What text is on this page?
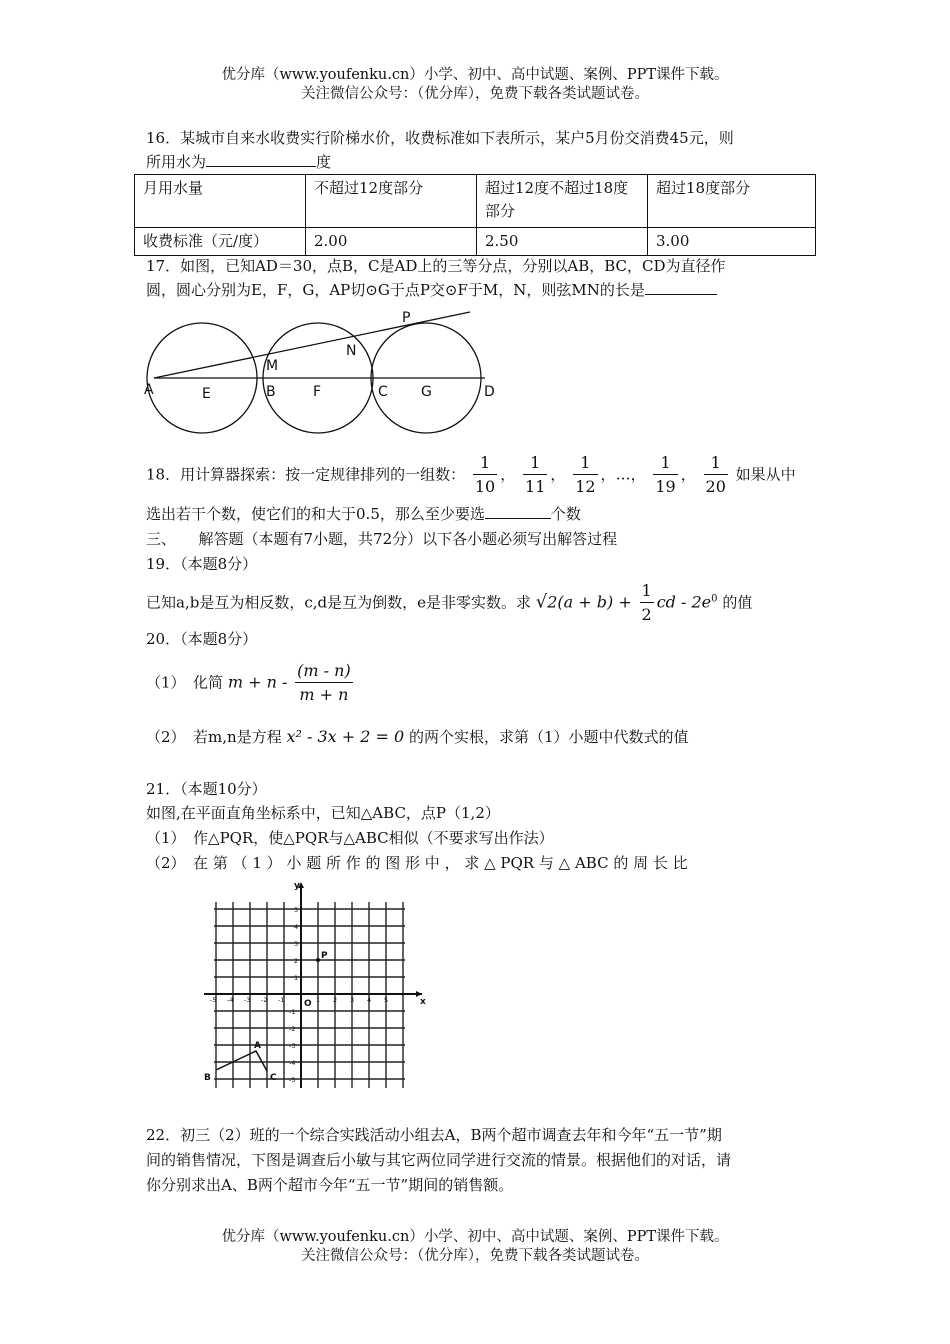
优分库（www.youfenku.cn）小学、初中、高中试题、案例、PPT课件下载。
关注微信公众号：（优分库），免费下载各类试题试卷。
16．某城市自来水收费实行阶梯水价，收费标准如下表所示，某户5月份交消费45元，则
所用水为	度
月用水量	不超过12度部分	超过12度不超过18度部分	超过18度部分
收费标准（元/度）	2.00	2.50	3.00
17．如图，已知AD＝30，点B，C是AD上的三等分点，分别以AB，BC，CD为直径作
圆，圆心分别为E，F，G，AP切⊙G于点P交⊙F于M，N，则弦MN的长是
A	E
M
B	F
N
C G	D
P
18．用计算器探索：按一定规律排列的一组数： $\frac{1}{10}$ ， $\frac{1}{11}$ ， $\frac{1}{12}$ ，…， $\frac{1}{19}$ ， $\frac{1}{20}$ 如果从中
选出若干个数，使它们的和大于0.5，那么至少要选	个数
三、　　解答题（本题有7小题，共72分）以下各小题必须写出解答过程
19．（本题8分）
已知a,b是互为相反数，c,d是互为倒数，e是非零实数。求 $√2(a + b) + \frac{1}{2}$ cd - $2e^0$ 的值
20．（本题8分）
（1）　化简 $m + n - \frac{(m - n)}{m + n}$
（2）　若m,n是方程 x² - 3x + 2 = 0 的两个实根，求第（1）小题中代数式的值
21．（本题10分）
如图,在平面直角坐标系中，已知△ABC，点P（1,2）
（1）　作△PQR，使△PQR与△ABC相似（不要求写出作法）
（2）　在 第 （ 1 ） 小 题 所 作 的 图 形 中 ， 求 △ PQR 与 △ ABC 的 周 长 比
x
y
O
P
A
B	C
-5 -4 -3 -2 -1	1 2 3 4 5
5
4
3
2
1
-1
-2
-3
-4
-5
22．初三（2）班的一个综合实践活动小组去A，B两个超市调查去年和今年“五一节”期
间的销售情况，下图是调查后小敏与其它两位同学进行交流的情景。根据他们的对话，请
你分别求出A、B两个超市今年“五一节”期间的销售额。
优分库（www.youfenku.cn）小学、初中、高中试题、案例、PPT课件下载。
关注微信公众号：（优分库），免费下载各类试题试卷。
